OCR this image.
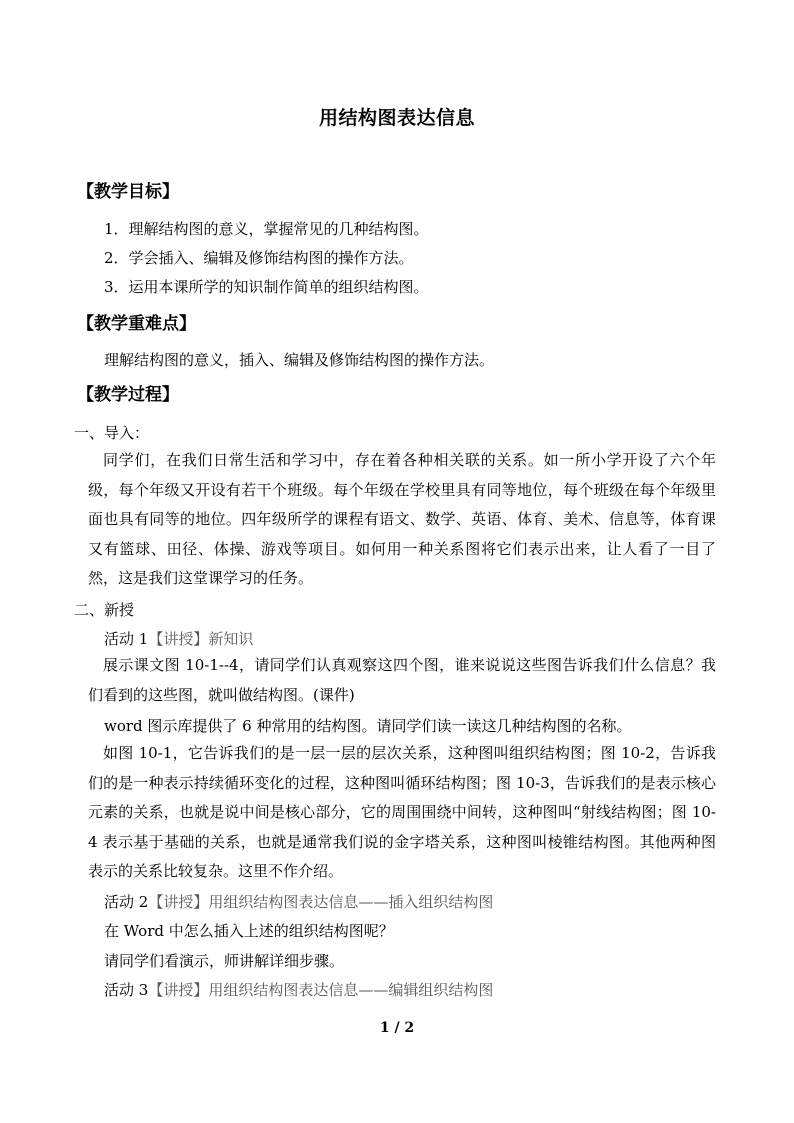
用结构图表达信息
【教学目标】
1．理解结构图的意义，掌握常见的几种结构图。
2．学会插入、编辑及修饰结构图的操作方法。
3．运用本课所学的知识制作简单的组织结构图。
【教学重难点】
理解结构图的意义，插入、编辑及修饰结构图的操作方法。
【教学过程】
一、导入：
同学们，在我们日常生活和学习中，存在着各种相关联的关系。如一所小学开设了六个年级，每个年级又开设有若干个班级。每个年级在学校里具有同等地位，每个班级在每个年级里面也具有同等的地位。四年级所学的课程有语文、数学、英语、体育、美术、信息等，体育课又有篮球、田径、体操、游戏等项目。如何用一种关系图将它们表示出来，让人看了一目了然，这是我们这堂课学习的任务。
二、新授
活动 1【讲授】新知识
展示课文图 10-1--4，请同学们认真观察这四个图，谁来说说这些图告诉我们什么信息？我们看到的这些图，就叫做结构图。(课件)
word 图示库提供了 6 种常用的结构图。请同学们读一读这几种结构图的名称。
如图 10-1，它告诉我们的是一层一层的层次关系，这种图叫组织结构图；图 10-2，告诉我们的是一种表示持续循环变化的过程，这种图叫循环结构图；图 10-3，告诉我们的是表示核心元素的关系，也就是说中间是核心部分，它的周围围绕中间转，这种图叫“射线结构图；图 10-4 表示基于基础的关系，也就是通常我们说的金字塔关系，这种图叫棱锥结构图。其他两种图表示的关系比较复杂。这里不作介绍。
活动 2【讲授】用组织结构图表达信息——插入组织结构图
在 Word 中怎么插入上述的组织结构图呢？
请同学们看演示，师讲解详细步骤。
活动 3【讲授】用组织结构图表达信息——编辑组织结构图
1 / 2
